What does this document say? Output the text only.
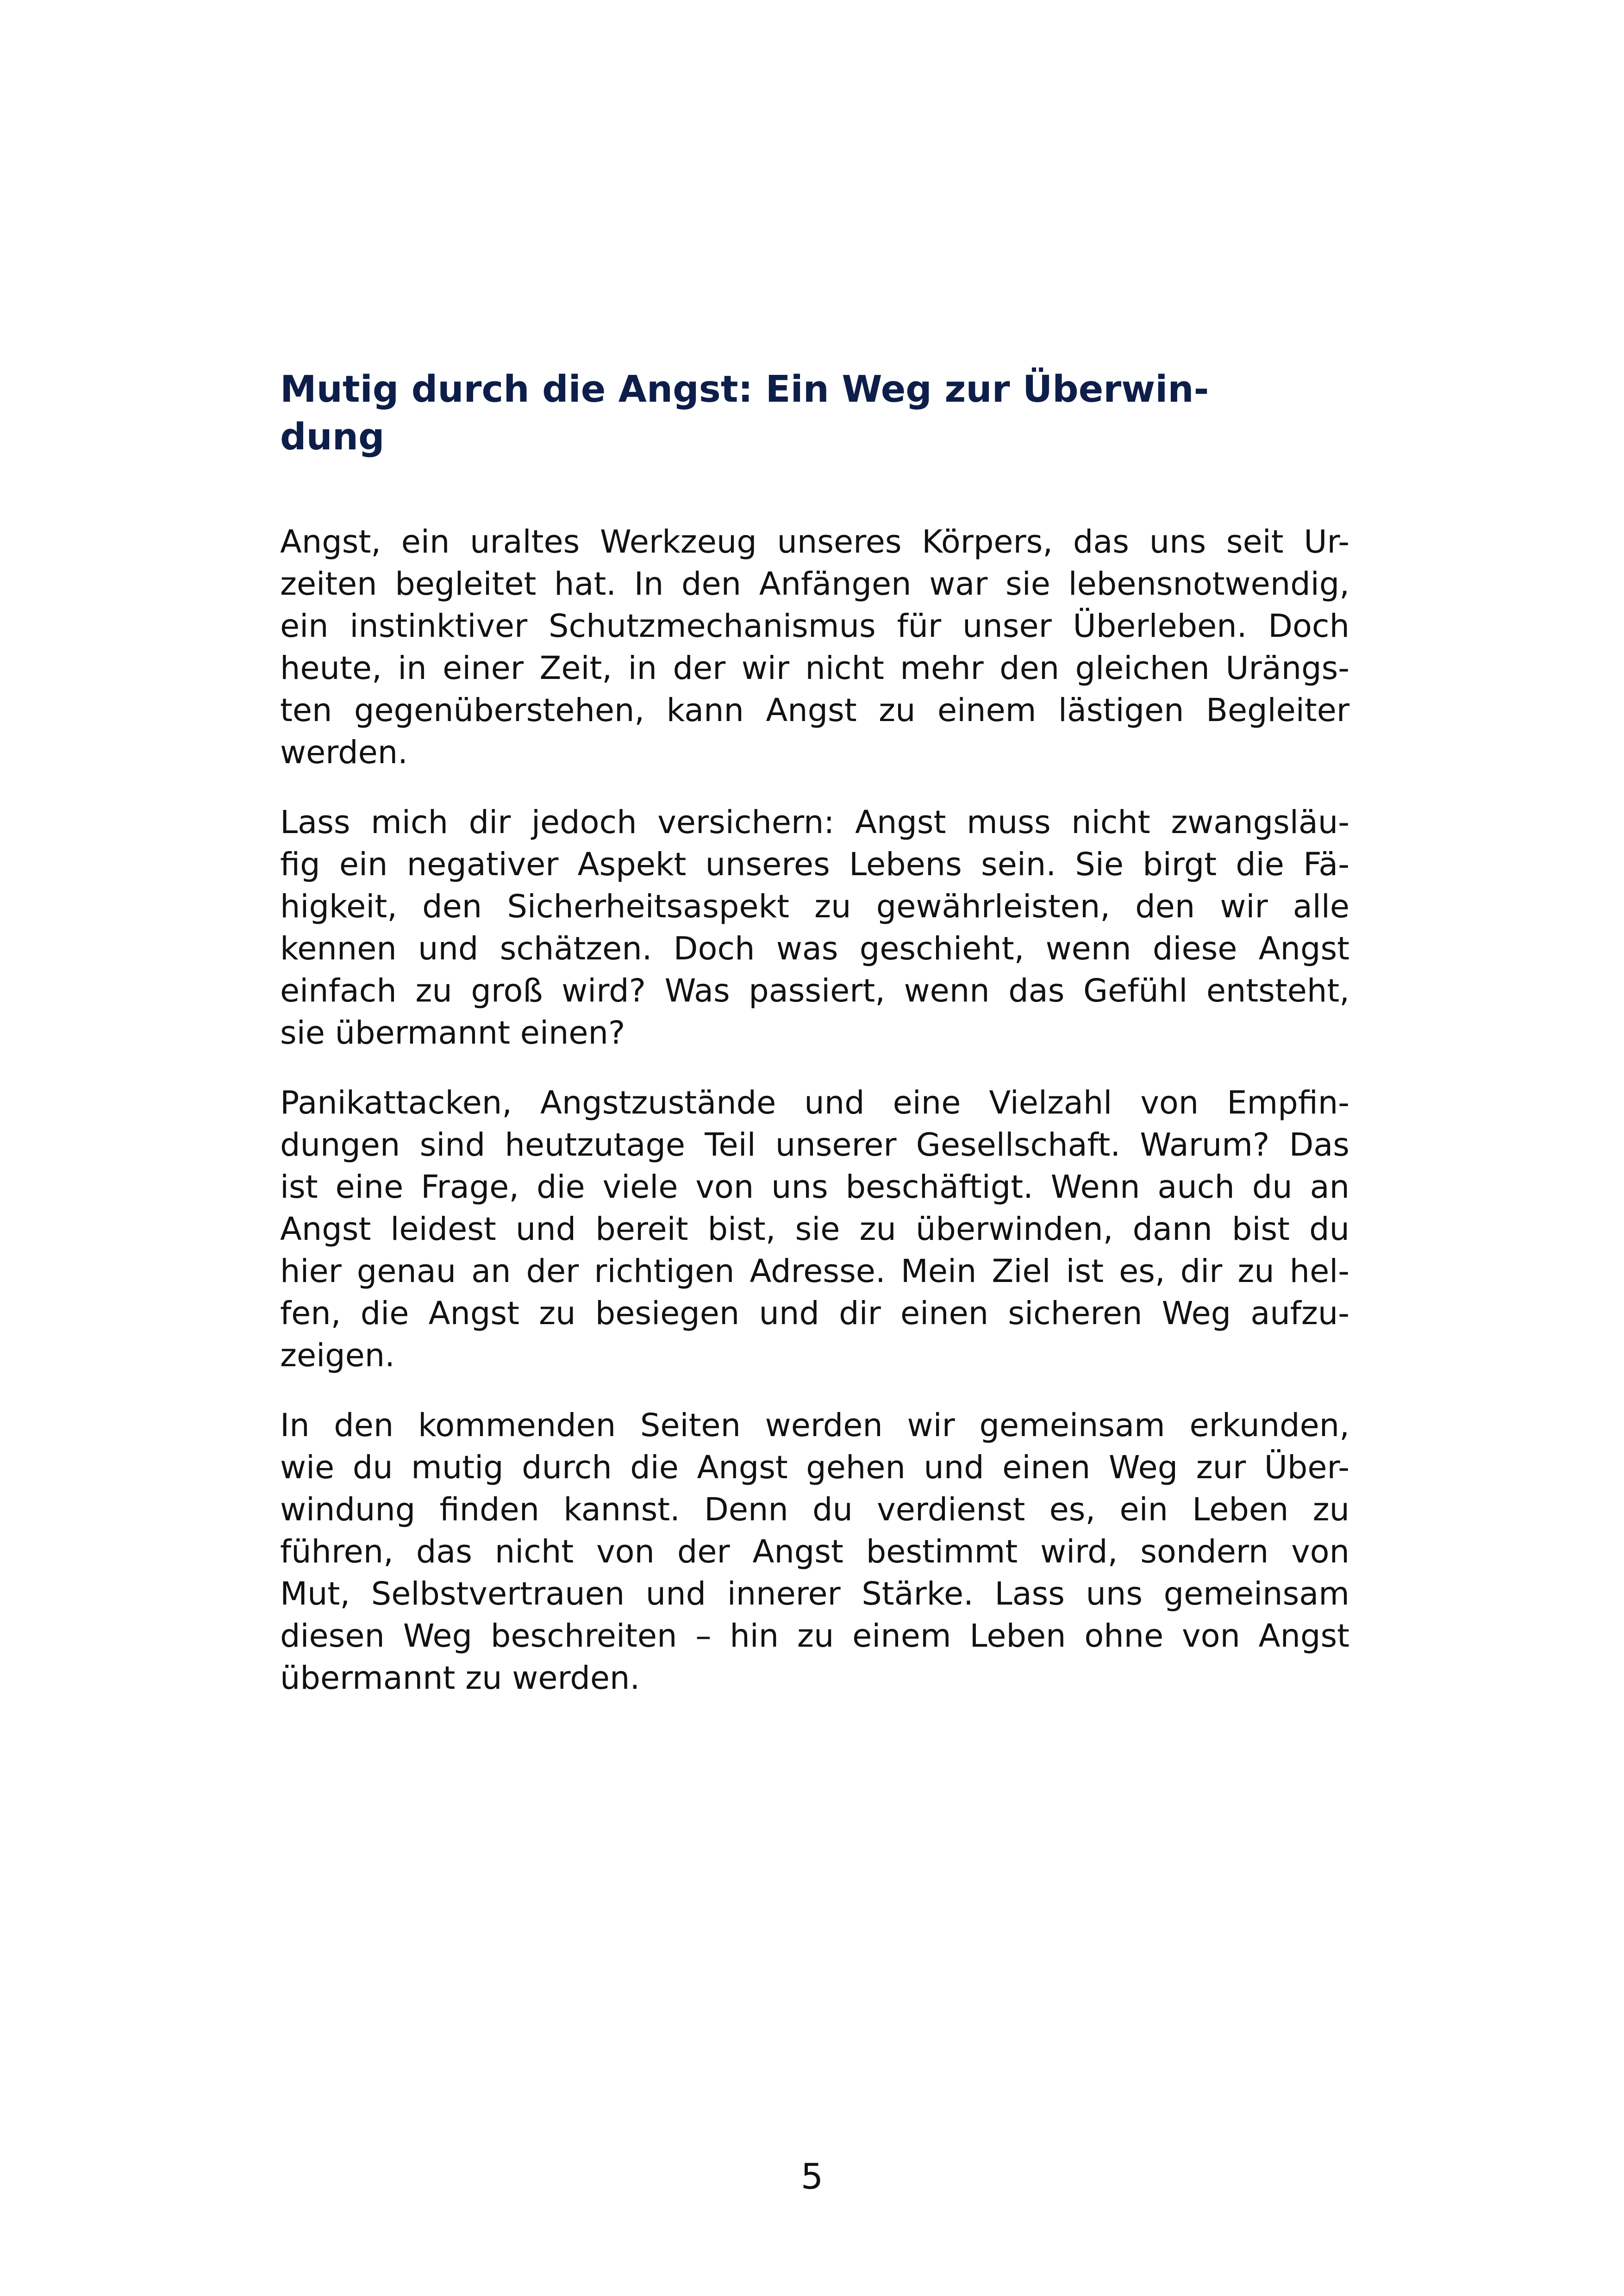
Mutig durch die Angst: Ein Weg zur Überwin-
dung

Angst, ein uraltes Werkzeug unseres Körpers, das uns seit Ur-
zeiten begleitet hat. In den Anfängen war sie lebensnotwendig,
ein instinktiver Schutzmechanismus für unser Überleben. Doch
heute, in einer Zeit, in der wir nicht mehr den gleichen Urängs-
ten gegenüberstehen, kann Angst zu einem lästigen Begleiter
werden.

Lass mich dir jedoch versichern: Angst muss nicht zwangsläu-
fig ein negativer Aspekt unseres Lebens sein. Sie birgt die Fä-
higkeit, den Sicherheitsaspekt zu gewährleisten, den wir alle
kennen und schätzen. Doch was geschieht, wenn diese Angst
einfach zu groß wird? Was passiert, wenn das Gefühl entsteht,
sie übermannt einen?

Panikattacken, Angstzustände und eine Vielzahl von Empfin-
dungen sind heutzutage Teil unserer Gesellschaft. Warum? Das
ist eine Frage, die viele von uns beschäftigt. Wenn auch du an
Angst leidest und bereit bist, sie zu überwinden, dann bist du
hier genau an der richtigen Adresse. Mein Ziel ist es, dir zu hel-
fen, die Angst zu besiegen und dir einen sicheren Weg aufzu-
zeigen.

In den kommenden Seiten werden wir gemeinsam erkunden,
wie du mutig durch die Angst gehen und einen Weg zur Über-
windung finden kannst. Denn du verdienst es, ein Leben zu
führen, das nicht von der Angst bestimmt wird, sondern von
Mut, Selbstvertrauen und innerer Stärke. Lass uns gemeinsam
diesen Weg beschreiten – hin zu einem Leben ohne von Angst
übermannt zu werden.

5
